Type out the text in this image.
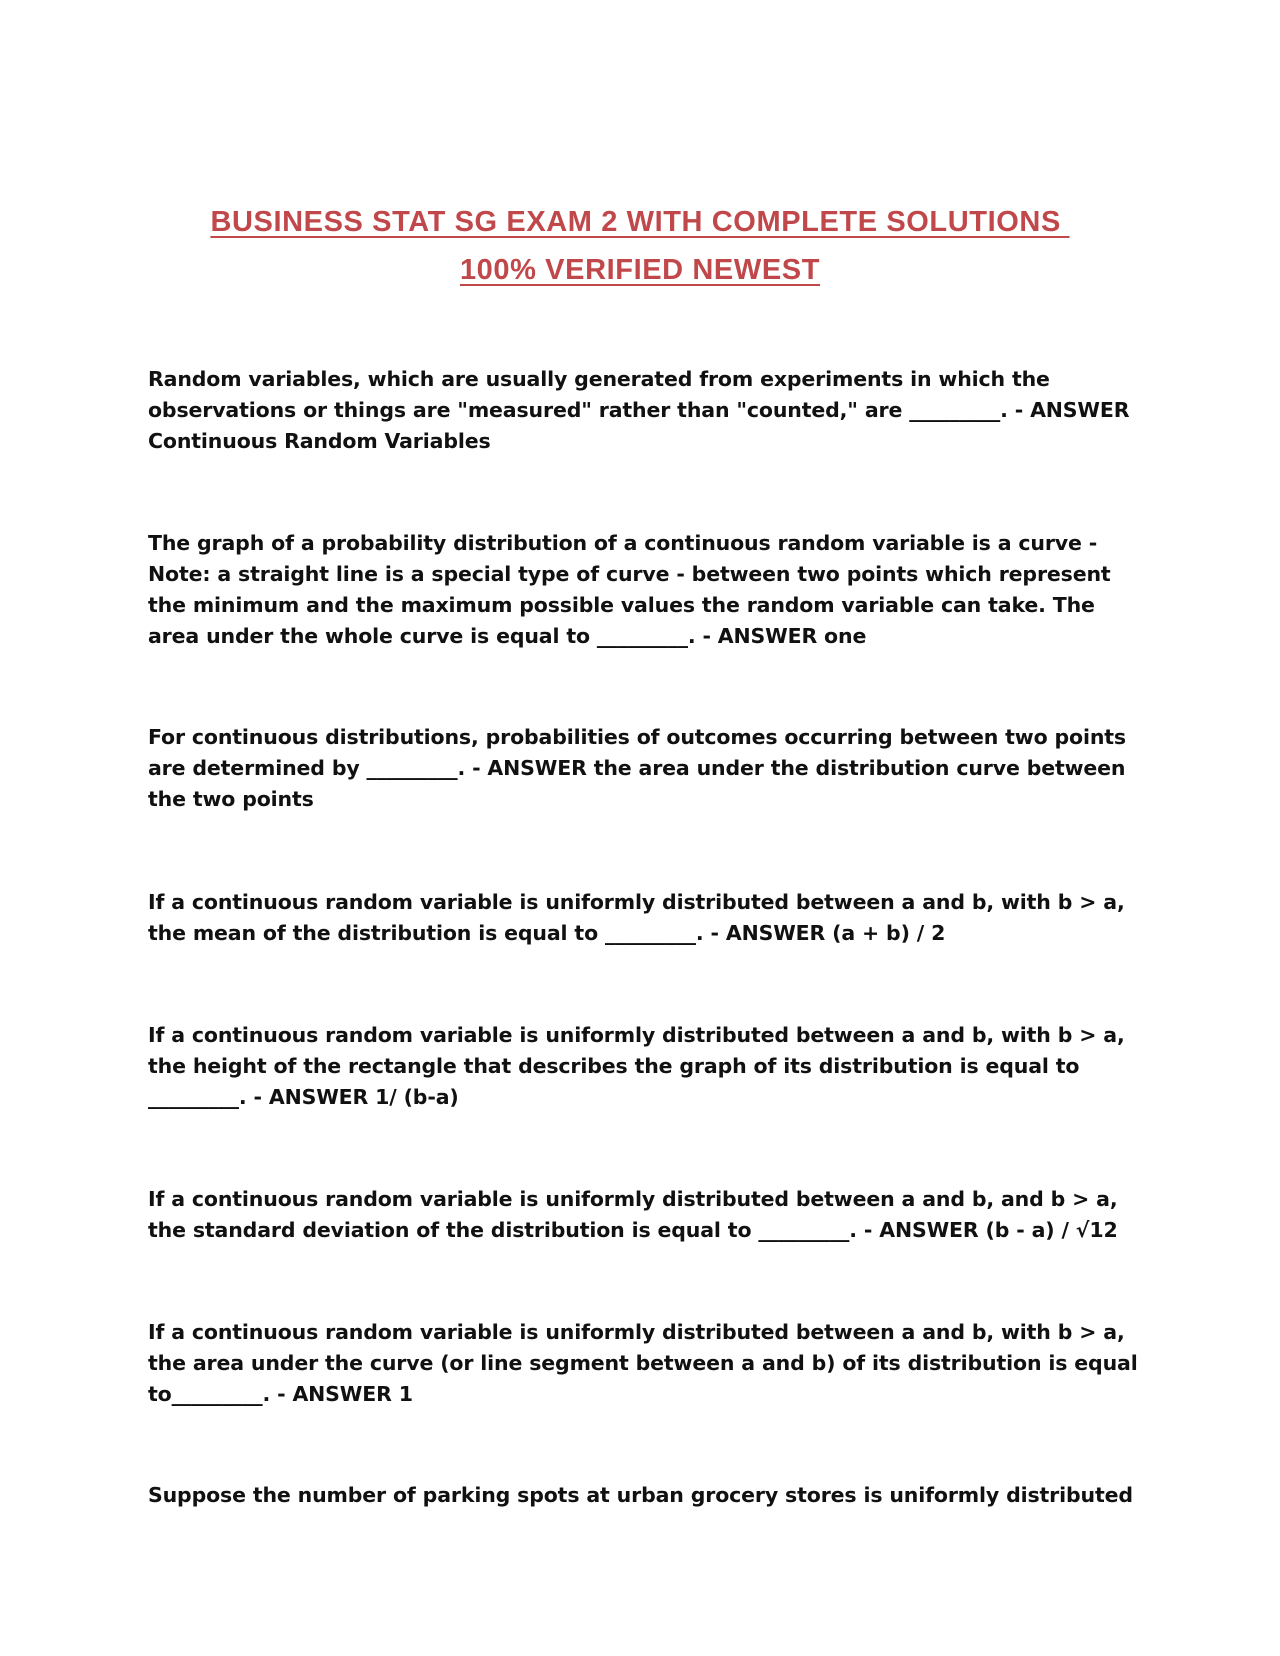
BUSINESS STAT SG EXAM 2 WITH COMPLETE SOLUTIONS
100% VERIFIED NEWEST
Random variables, which are usually generated from experiments in which the observations or things are "measured" rather than "counted," are _________. - ANSWER Continuous Random Variables
The graph of a probability distribution of a continuous random variable is a curve - Note: a straight line is a special type of curve - between two points which represent the minimum and the maximum possible values the random variable can take. The area under the whole curve is equal to _________. - ANSWER one
For continuous distributions, probabilities of outcomes occurring between two points are determined by _________. - ANSWER the area under the distribution curve between the two points
If a continuous random variable is uniformly distributed between a and b, with b > a, the mean of the distribution is equal to _________. - ANSWER (a + b) / 2
If a continuous random variable is uniformly distributed between a and b, with b > a, the height of the rectangle that describes the graph of its distribution is equal to _________. - ANSWER 1/ (b-a)
If a continuous random variable is uniformly distributed between a and b, and b > a, the standard deviation of the distribution is equal to _________. - ANSWER (b - a) / √12
If a continuous random variable is uniformly distributed between a and b, with b > a, the area under the curve (or line segment between a and b) of its distribution is equal to_________. - ANSWER 1
Suppose the number of parking spots at urban grocery stores is uniformly distributed
